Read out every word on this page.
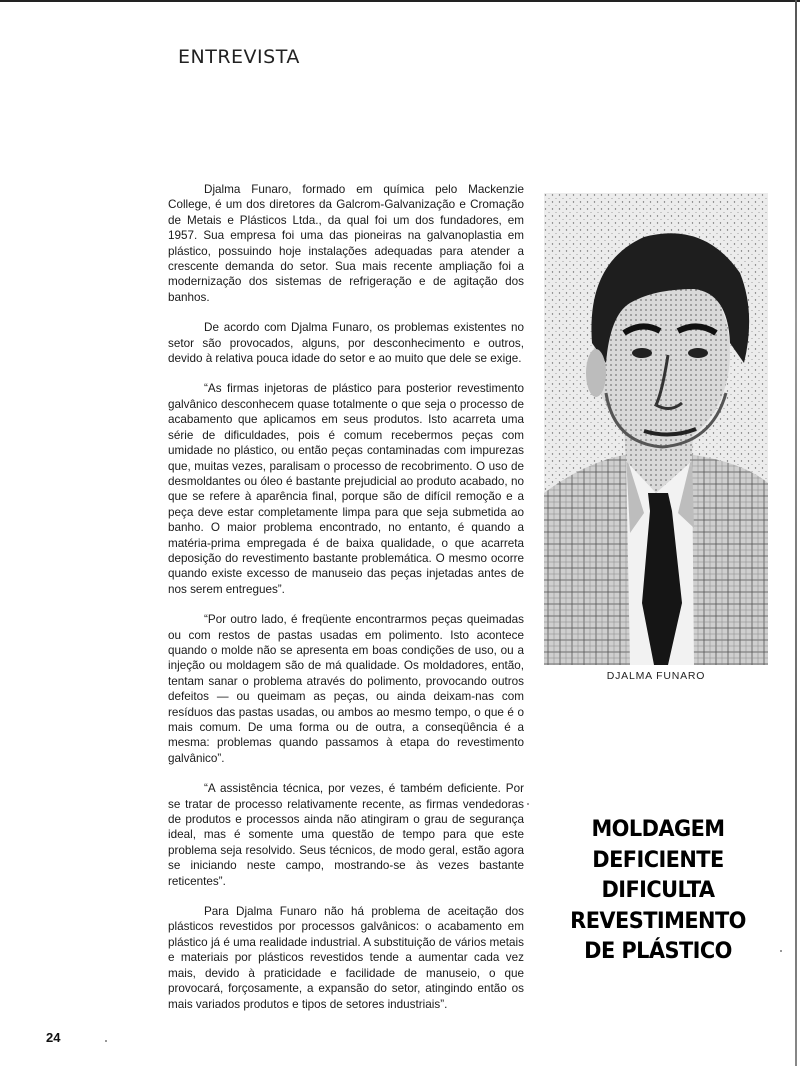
ENTREVISTA

Djalma Funaro, formado em química pelo Mackenzie College, é um dos diretores da Galcrom-Galvanização e Cromação de Metais e Plásticos Ltda., da qual foi um dos fundadores, em 1957. Sua empresa foi uma das pioneiras na galvanoplastia em plástico, possuindo hoje instalações adequadas para atender a crescente demanda do setor. Sua mais recente ampliação foi a modernização dos sistemas de refrigeração e de agitação dos banhos.

De acordo com Djalma Funaro, os problemas existentes no setor são provocados, alguns, por desconhecimento e outros, devido à relativa pouca idade do setor e ao muito que dele se exige.

“As firmas injetoras de plástico para posterior revestimento galvânico desconhecem quase totalmente o que seja o processo de acabamento que aplicamos em seus produtos. Isto acarreta uma série de dificuldades, pois é comum recebermos peças com umidade no plástico, ou então peças contaminadas com impurezas que, muitas vezes, paralisam o processo de recobrimento. O uso de desmoldantes ou óleo é bastante prejudicial ao produto acabado, no que se refere à aparência final, porque são de difícil remoção e a peça deve estar completamente limpa para que seja submetida ao banho. O maior problema encontrado, no entanto, é quando a matéria-prima empregada é de baixa qualidade, o que acarreta deposição do revestimento bastante problemática. O mesmo ocorre quando existe excesso de manuseio das peças injetadas antes de nos serem entregues”.

“Por outro lado, é freqüente encontrarmos peças queimadas ou com restos de pastas usadas em polimento. Isto acontece quando o molde não se apresenta em boas condições de uso, ou a injeção ou moldagem são de má qualidade. Os moldadores, então, tentam sanar o problema através do polimento, provocando outros defeitos — ou queimam as peças, ou ainda deixam-nas com resíduos das pastas usadas, ou ambos ao mesmo tempo, o que é o mais comum. De uma forma ou de outra, a conseqüência é a mesma: problemas quando passamos à etapa do revestimento galvânico”.

“A assistência técnica, por vezes, é também deficiente. Por se tratar de processo relativamente recente, as firmas vendedoras de produtos e processos ainda não atingiram o grau de segurança ideal, mas é somente uma questão de tempo para que este problema seja resolvido. Seus técnicos, de modo geral, estão agora se iniciando neste campo, mostrando-se às vezes bastante reticentes”.

Para Djalma Funaro não há problema de aceitação dos plásticos revestidos por processos galvânicos: o acabamento em plástico já é uma realidade industrial. A substituição de vários metais e materiais por plásticos revestidos tende a aumentar cada vez mais, devido à praticidade e facilidade de manuseio, o que provocará, forçosamente, a expansão do setor, atingindo então os mais variados produtos e tipos de setores industriais”.

DJALMA FUNARO
MOLDAGEM
DEFICIENTE
DIFICULTA
REVESTIMENTO
DE PLÁSTICO
24
